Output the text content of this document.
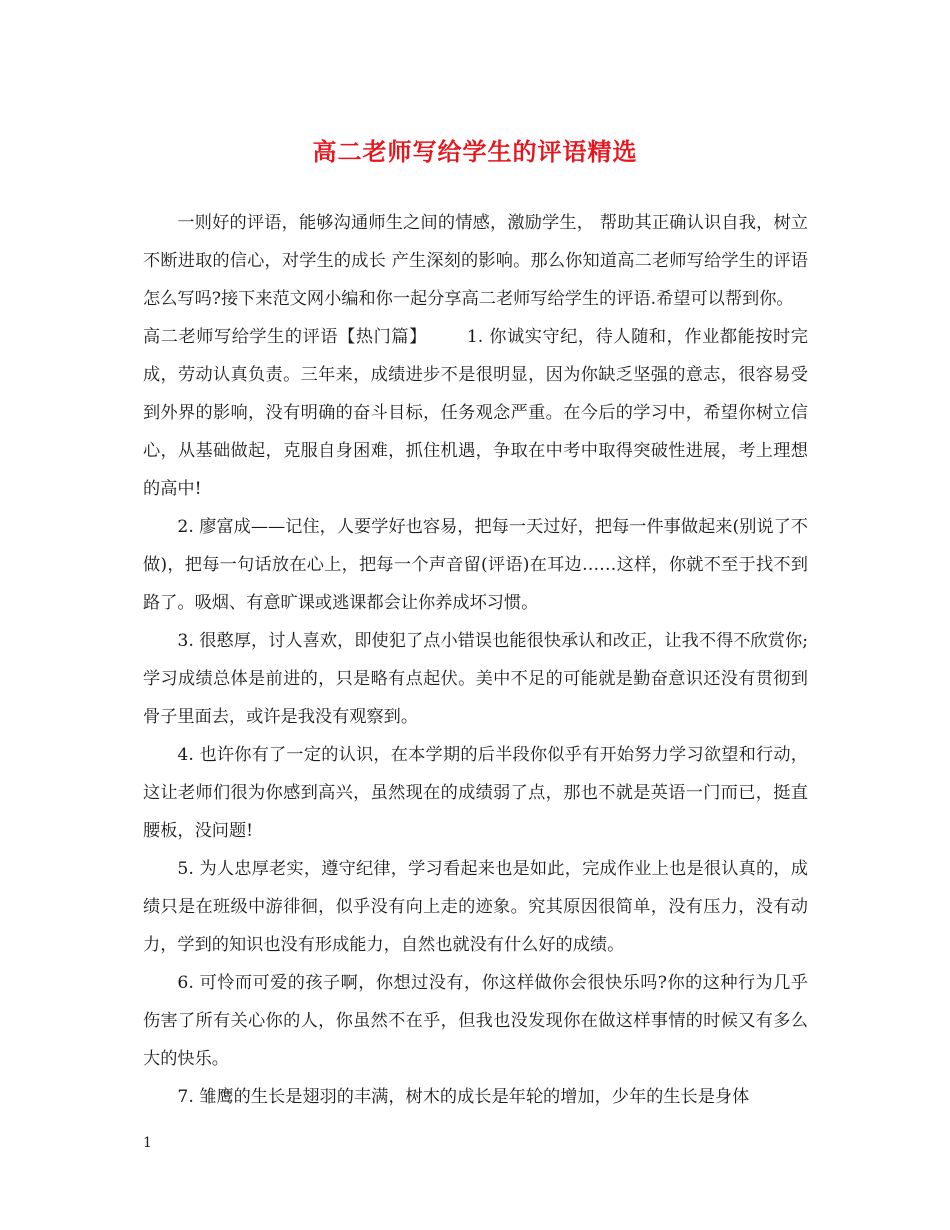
高二老师写给学生的评语精选

一则好的评语，能够沟通师生之间的情感，激励学生， 帮助其正确认识自我，树立不断进取的信心，对学生的成长 产生深刻的影响。那么你知道高二老师写给学生的评语怎么写吗?接下来范文网小编和你一起分享高二老师写给学生的评语.希望可以帮到你。

高二老师写给学生的评语【热门篇】 1. 你诚实守纪，待人随和，作业都能按时完成，劳动认真负责。三年来，成绩进步不是很明显，因为你缺乏坚强的意志，很容易受到外界的影响，没有明确的奋斗目标，任务观念严重。在今后的学习中，希望你树立信心，从基础做起，克服自身困难，抓住机遇，争取在中考中取得突破性进展，考上理想的高中!

2. 廖富成——记住，人要学好也容易，把每一天过好，把每一件事做起来(别说了不做)，把每一句话放在心上，把每一个声音留(评语)在耳边……这样，你就不至于找不到路了。吸烟、有意旷课或逃课都会让你养成坏习惯。

3. 很憨厚，讨人喜欢，即使犯了点小错误也能很快承认和改正，让我不得不欣赏你;学习成绩总体是前进的，只是略有点起伏。美中不足的可能就是勤奋意识还没有贯彻到骨子里面去，或许是我没有观察到。

4. 也许你有了一定的认识，在本学期的后半段你似乎有开始努力学习欲望和行动，这让老师们很为你感到高兴，虽然现在的成绩弱了点，那也不就是英语一门而已，挺直腰板，没问题!

5. 为人忠厚老实，遵守纪律，学习看起来也是如此，完成作业上也是很认真的，成绩只是在班级中游徘徊，似乎没有向上走的迹象。究其原因很简单，没有压力，没有动力，学到的知识也没有形成能力，自然也就没有什么好的成绩。

6. 可怜而可爱的孩子啊，你想过没有，你这样做你会很快乐吗?你的这种行为几乎伤害了所有关心你的人，你虽然不在乎，但我也没发现你在做这样事情的时候又有多么大的快乐。

7. 雏鹰的生长是翅羽的丰满，树木的成长是年轮的增加，少年的生长是身体

1
